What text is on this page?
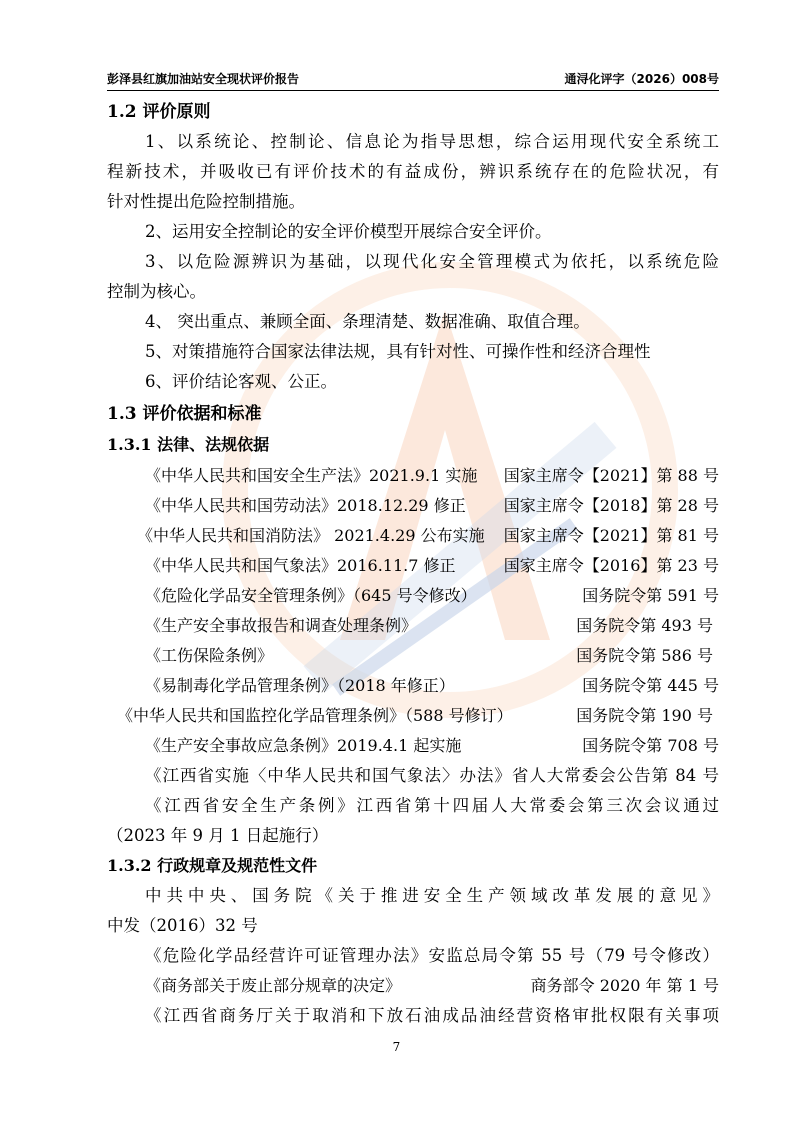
彭泽县红旗加油站安全现状评价报告	通浔化评字（2026）008号
1.2 评价原则
1、以系统论、控制论、信息论为指导思想，综合运用现代安全系统工
程新技术，并吸收已有评价技术的有益成份，辨识系统存在的危险状况，有
针对性提出危险控制措施。
2、运用安全控制论的安全评价模型开展综合安全评价。
3、以危险源辨识为基础，以现代化安全管理模式为依托，以系统危险
控制为核心。
4、 突出重点、兼顾全面、条理清楚、数据准确、取值合理。
5、对策措施符合国家法律法规，具有针对性、可操作性和经济合理性
6、评价结论客观、公正。
1.3 评价依据和标准
1.3.1 法律、法规依据
《中华人民共和国安全生产法》2021.9.1 实施 国家主席令【2021】第 88 号
《中华人民共和国劳动法》2018.12.29 修正 国家主席令【2018】第 28 号
《中华人民共和国消防法》 2021.4.29 公布实施 国家主席令【2021】第 81 号
《中华人民共和国气象法》2016.11.7 修正	国家主席令【2016】第 23 号
《危险化学品安全管理条例》（645 号令修改）	国务院令第 591 号
《生产安全事故报告和调查处理条例》	国务院令第 493 号
《工伤保险条例》	国务院令第 586 号
《易制毒化学品管理条例》（2018 年修正）	国务院令第 445 号
《中华人民共和国监控化学品管理条例》（588 号修订）	国务院令第 190 号
《生产安全事故应急条例》2019.4.1 起实施	国务院令第 708 号
《江西省实施〈中华人民共和国气象法〉办法》省人大常委会公告第 84 号
《江西省安全生产条例》江西省第十四届人大常委会第三次会议通过
（2023 年 9 月 1 日起施行）
1.3.2 行政规章及规范性文件
中共中央、国务院《关于推进安全生产领域改革发展的意见》
中发（2016）32 号
《危险化学品经营许可证管理办法》安监总局令第 55 号（79 号令修改）
《商务部关于废止部分规章的决定》	商务部令 2020 年 第 1 号
《江西省商务厅关于取消和下放石油成品油经营资格审批权限有关事项
7
